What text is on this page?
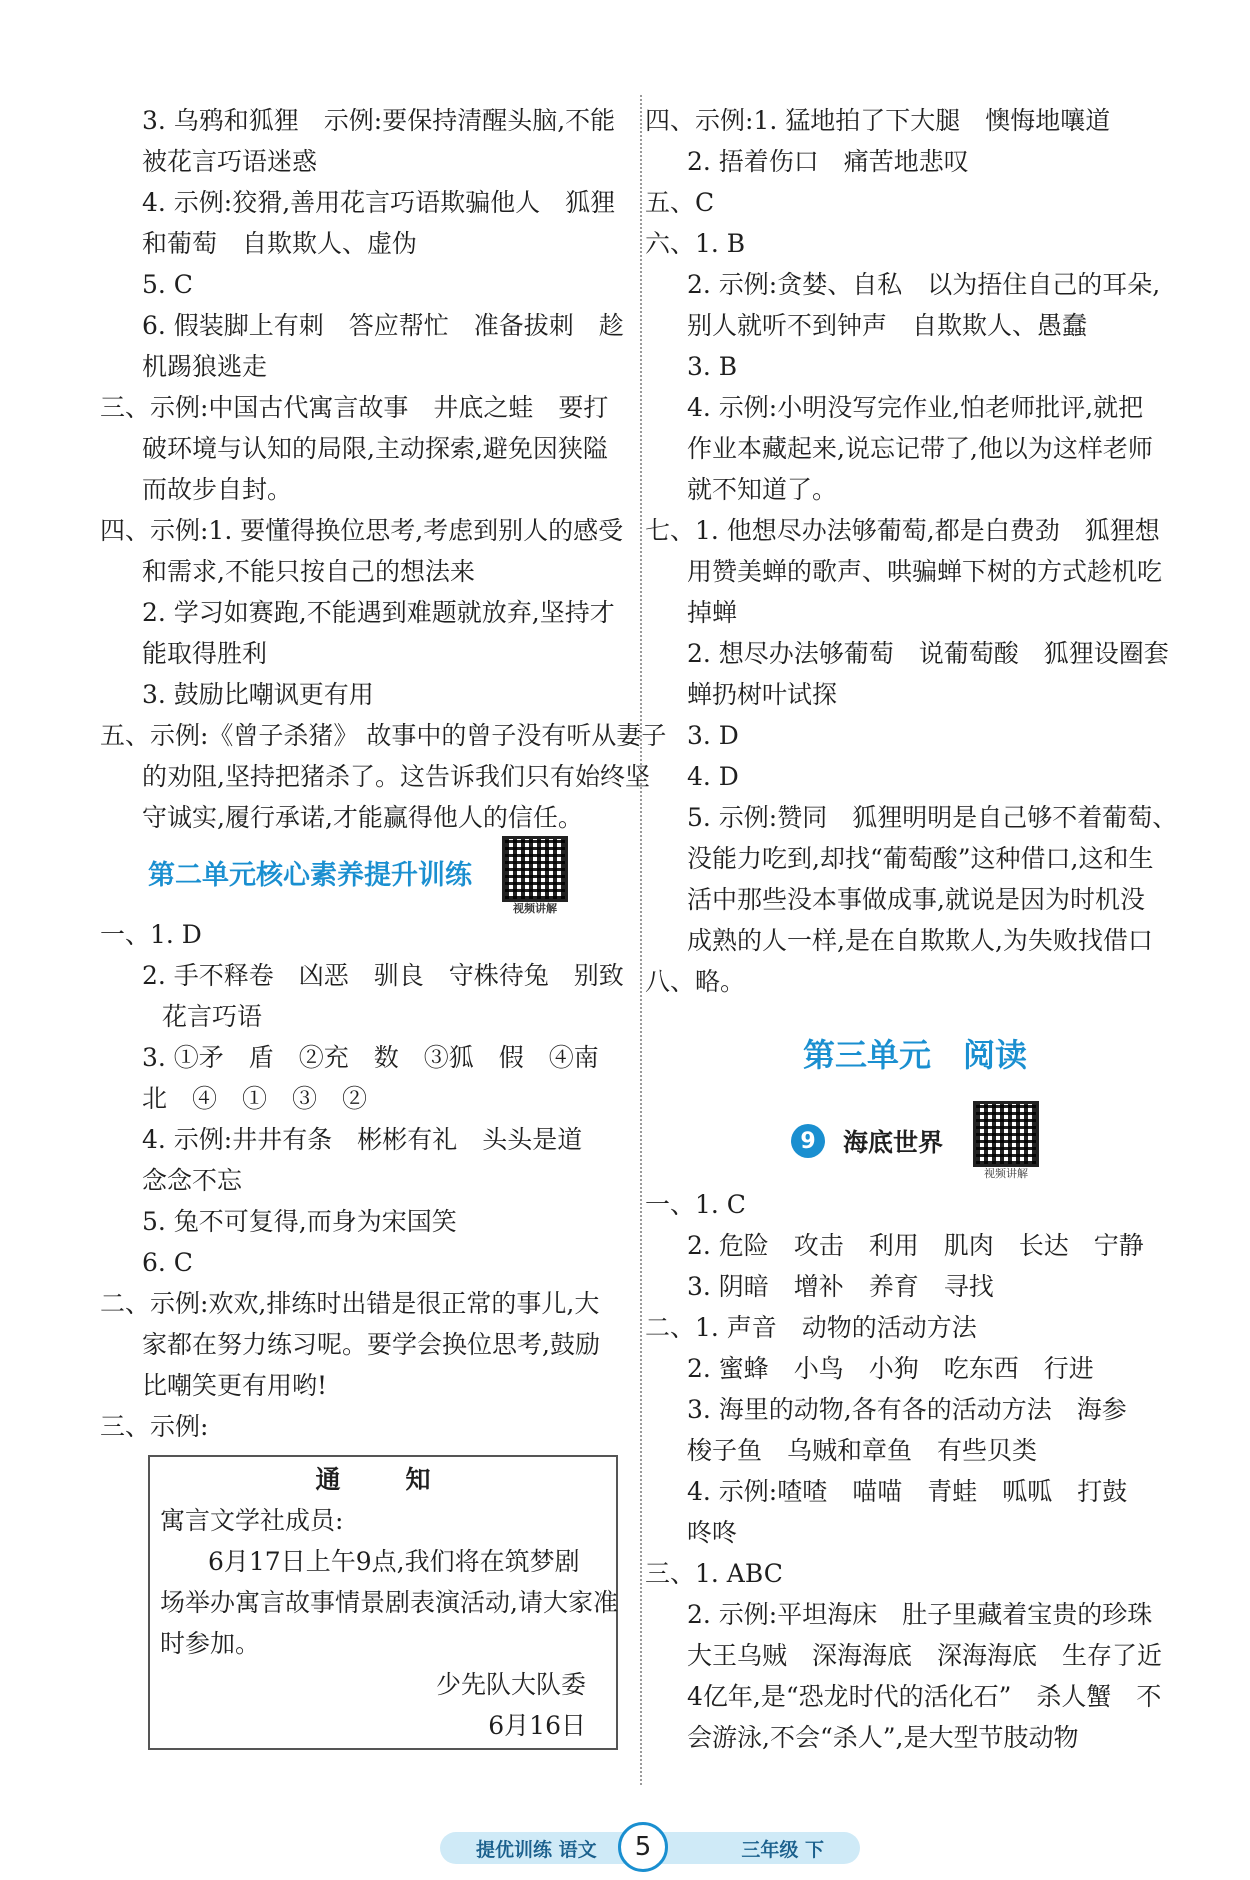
3. 乌鸦和狐狸　示例:要保持清醒头脑,不能
被花言巧语迷惑
4. 示例:狡猾,善用花言巧语欺骗他人　狐狸
和葡萄　自欺欺人、虚伪
5. C
6. 假装脚上有刺　答应帮忙　准备拔刺　趁
机踢狼逃走
三、示例:中国古代寓言故事　井底之蛙　要打
破环境与认知的局限,主动探索,避免因狭隘
而故步自封。
四、示例:1. 要懂得换位思考,考虑到别人的感受
和需求,不能只按自己的想法来
2. 学习如赛跑,不能遇到难题就放弃,坚持才
能取得胜利
3. 鼓励比嘲讽更有用
五、示例:《曾子杀猪》 故事中的曾子没有听从妻子
的劝阻,坚持把猪杀了。这告诉我们只有始终坚
守诚实,履行承诺,才能赢得他人的信任。
第二单元核心素养提升训练
视频讲解
一、1. D
2. 手不释卷　凶恶　驯良　守株待兔　别致
花言巧语
3. ①矛　盾　②充　数　③狐　假　④南
北　④　①　③　②
4. 示例:井井有条　彬彬有礼　头头是道
念念不忘
5. 兔不可复得,而身为宋国笑
6. C
二、示例:欢欢,排练时出错是很正常的事儿,大
家都在努力练习呢。要学会换位思考,鼓励
比嘲笑更有用哟!
三、示例:
通　知
寓言文学社成员:
6月17日上午9点,我们将在筑梦剧
场举办寓言故事情景剧表演活动,请大家准
时参加。
少先队大队委
6月16日
四、示例:1. 猛地拍了下大腿　懊悔地嚷道
2. 捂着伤口　痛苦地悲叹
五、C
六、1. B
2. 示例:贪婪、自私　以为捂住自己的耳朵,
别人就听不到钟声　自欺欺人、愚蠢
3. B
4. 示例:小明没写完作业,怕老师批评,就把
作业本藏起来,说忘记带了,他以为这样老师
就不知道了。
七、1. 他想尽办法够葡萄,都是白费劲　狐狸想
用赞美蝉的歌声、哄骗蝉下树的方式趁机吃
掉蝉
2. 想尽办法够葡萄　说葡萄酸　狐狸设圈套
蝉扔树叶试探
3. D
4. D
5. 示例:赞同　狐狸明明是自己够不着葡萄、
没能力吃到,却找“葡萄酸”这种借口,这和生
活中那些没本事做成事,就说是因为时机没
成熟的人一样,是在自欺欺人,为失败找借口
八、略。
第三单元　阅读
9	海底世界
视频讲解
一、1. C
2. 危险　攻击　利用　肌肉　长达　宁静
3. 阴暗　增补　养育　寻找
二、1. 声音　动物的活动方法
2. 蜜蜂　小鸟　小狗　吃东西　行进
3. 海里的动物,各有各的活动方法　海参
梭子鱼　乌贼和章鱼　有些贝类
4. 示例:喳喳　喵喵　青蛙　呱呱　打鼓
咚咚
三、1. ABC
2. 示例:平坦海床　肚子里藏着宝贵的珍珠
大王乌贼　深海海底　深海海底　生存了近
4亿年,是“恐龙时代的活化石”　杀人蟹　不
会游泳,不会“杀人”,是大型节肢动物
提优训练 语文	三年级 下
5
